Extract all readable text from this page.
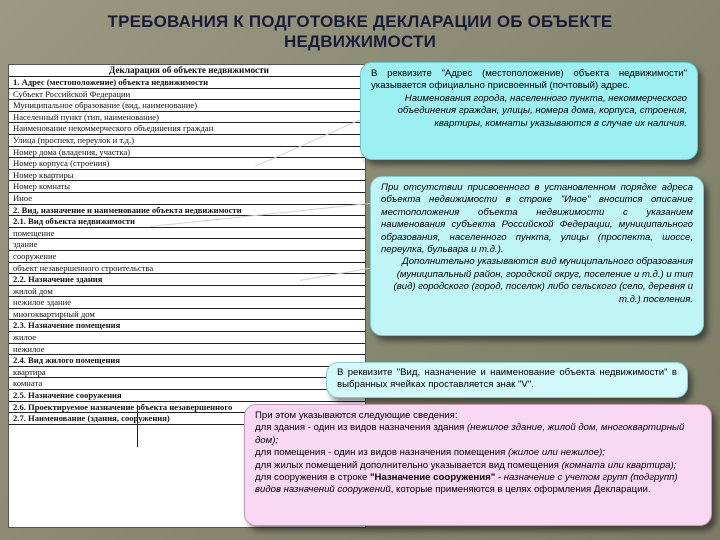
ТРЕБОВАНИЯ К ПОДГОТОВКЕ ДЕКЛАРАЦИИ ОБ ОБЪЕКТЕ НЕДВИЖИМОСТИ
Декларация об объекте недвижимости
1. Адрес (местоположение) объекта недвижимости
Субъект Российской Федерации
Муниципальное образование (вид, наименование)
Населенный пункт (тип, наименование)
Наименование некоммерческого объединения граждан
Улица (проспект, переулок и т.д.)
Номер дома (владения, участка)
Номер корпуса (строения)
Номер квартиры
Номер комнаты
Иное
2. Вид, назначение и наименование объекта недвижимости
2.1. Вид объекта недвижимости
помещение
здание
сооружение
объект незавершенного строительства
2.2. Назначение здания
жилой дом
нежилое здание
многоквартирный дом
2.3. Назначение помещения
жилое
нежилое
2.4. Вид жилого помещения
квартира
комната
2.5. Назначение сооружения
2.6. Проектируемое назначение объекта незавершенного
2.7. Наименование (здания, сооружения)

В реквизите "Адрес (местоположение) объекта недвижимости" указывается официально присвоенный (почтовый) адрес.

Наименования города, населенного пункта, некоммерческого объединения граждан, улицы, номера дома, корпуса, строения, квартиры, комнаты указываются в случае их наличия.

При отсутствии присвоенного в установленном порядке адреса объекта недвижимости в строке "Иное" вносится описание местоположения объекта недвижимости с указанием наименования субъекта Российской Федерации, муниципального образования, населенного пункта, улицы (проспекта, шоссе, переулка, бульвара и т.д.).

Дополнительно указываются вид муниципального образования (муниципальный район, городской округ, поселение и т.д.) и тип (вид) городского (город, поселок) либо сельского (село, деревня и т.д.) поселения.

В реквизите "Вид, назначение и наименование объекта недвижимости" в выбранных ячейках проставляется знак "V".

При этом указываются следующие сведения:

для здания - один из видов назначения здания (нежилое здание, жилой дом, многоквартирный дом);

для помещения - один из видов назначения помещения (жилое или нежилое);

для жилых помещений дополнительно указывается вид помещения (комната или квартира);

для сооружения в строке "Назначение сооружения" - назначение с учетом групп (подгрупп) видов назначений сооружений, которые применяются в целях оформления Декларации.
